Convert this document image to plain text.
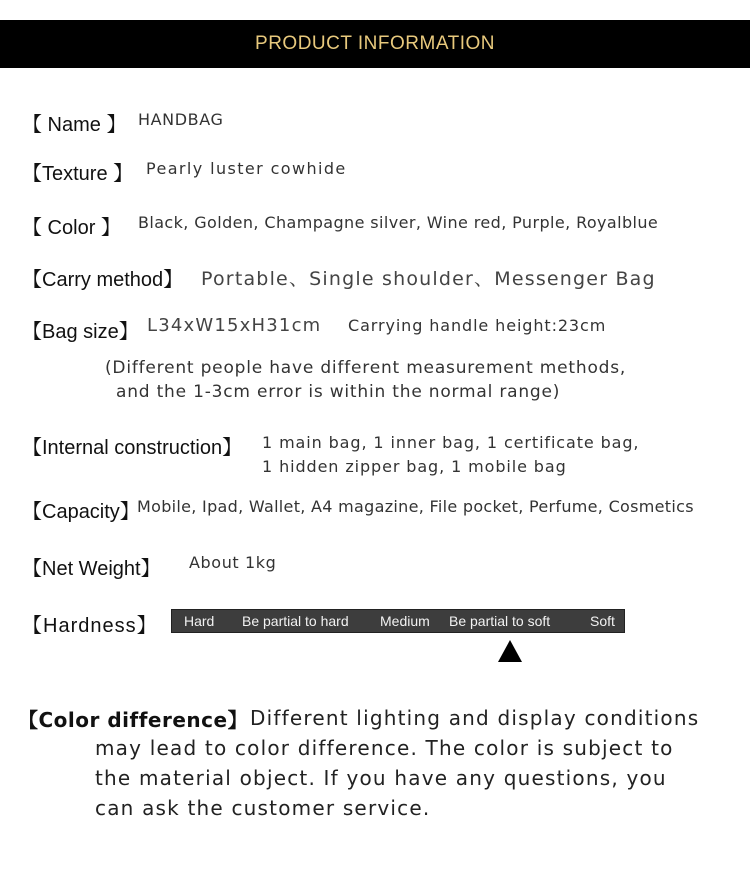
PRODUCT INFORMATION
【 Name 】 HANDBAG
【Texture 】 Pearly luster cowhide
【 Color 】 Black, Golden, Champagne silver, Wine red, Purple, Royalblue
【Carry method】 Portable、Single shoulder、Messenger Bag
【Bag size】 L34xW15xH31cm Carrying handle height:23cm
(Different people have different measurement methods,
and the 1-3cm error is within the normal range)
【Internal construction】 1 main bag, 1 inner bag, 1 certificate bag,
1 hidden zipper bag, 1 mobile bag
【Capacity】
Mobile, Ipad, Wallet, A4 magazine, File pocket, Perfume, Cosmetics
【Net Weight】 About 1kg
【Hardness】 Hard Be partial to hard Medium Be partial to soft	Soft
【Color difference】 Different lighting and display conditions
may lead to color difference. The color is subject to
the material object. If you have any questions, you
can ask the customer service.
